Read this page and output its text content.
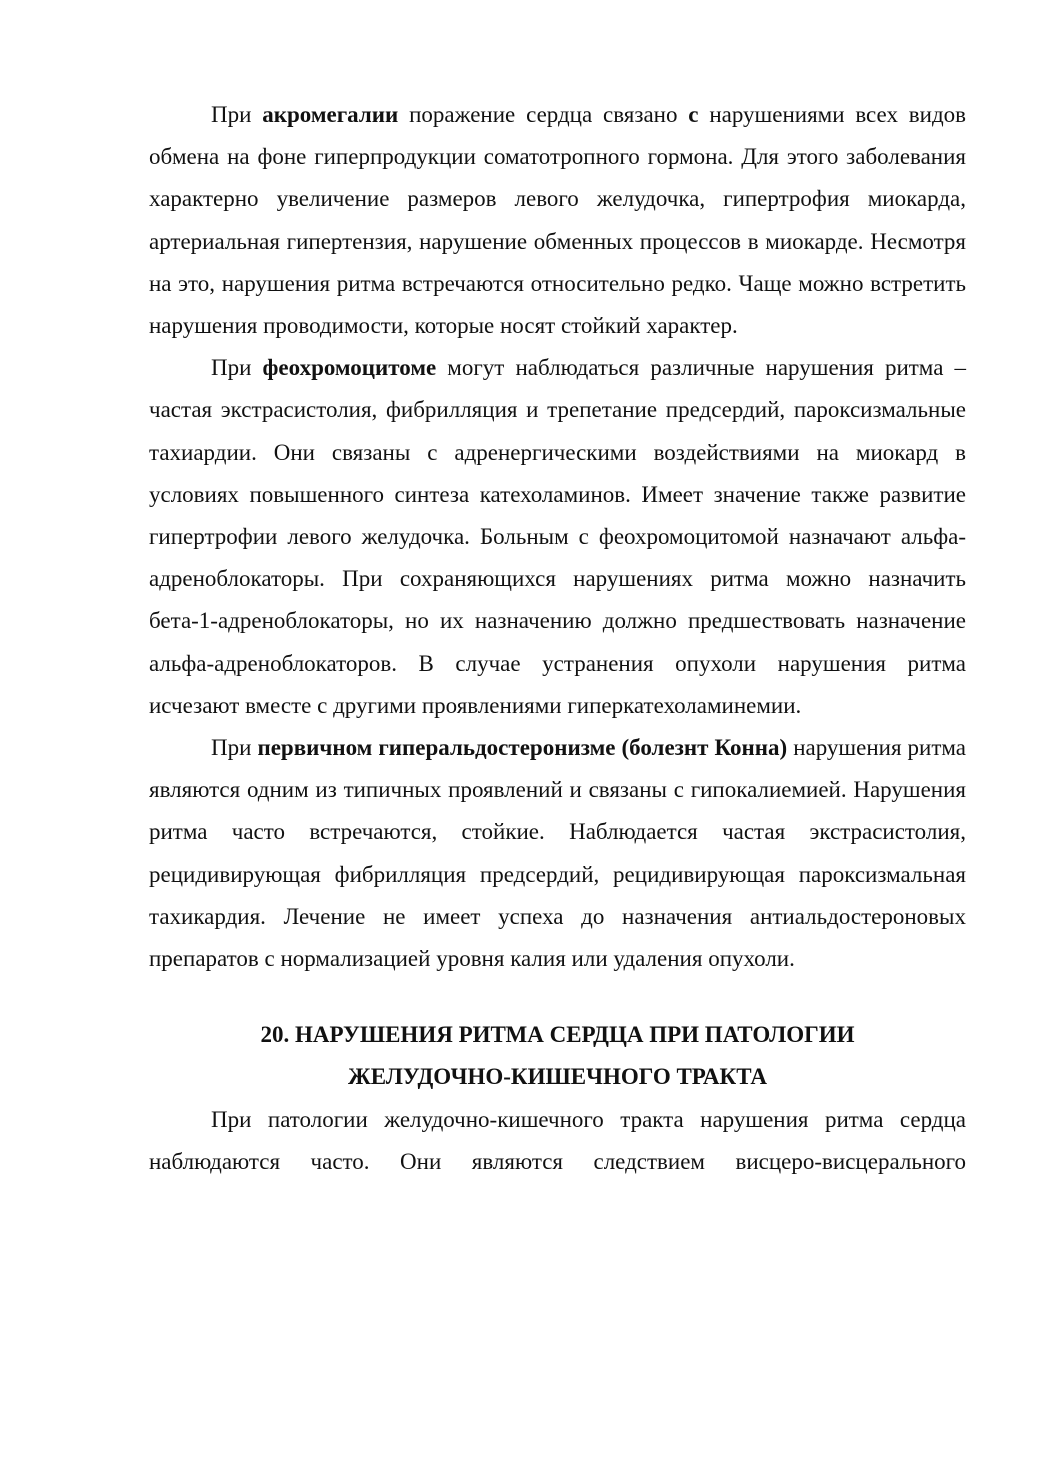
При акромегалии поражение сердца связано с нарушениями всех видов обмена на фоне гиперпродукции соматотропного гормона. Для этого заболевания характерно увеличение размеров левого желудочка, гипертрофия миокарда, артериальная гипертензия, нарушение обменных процессов в миокарде. Несмотря на это, нарушения ритма встречаются относительно редко. Чаще можно встретить нарушения проводимости, которые носят стойкий характер.

При феохромоцитоме могут наблюдаться различные нарушения ритма – частая экстрасистолия, фибрилляция и трепетание предсердий, пароксизмальные тахиардии. Они связаны с адренергическими воздействиями на миокард в условиях повышенного синтеза катехоламинов. Имеет значение также развитие гипертрофии левого желудочка. Больным с феохромоцитомой назначают альфа-адреноблокаторы. При сохраняющихся нарушениях ритма можно назначить бета-1-адреноблокаторы, но их назначению должно предшествовать назначение альфа-адреноблокаторов. В случае устранения опухоли нарушения ритма исчезают вместе с другими проявлениями гиперкатехоламинемии.

При первичном гиперальдостеронизме (болезнт Конна) нарушения ритма являются одним из типичных проявлений и связаны с гипокалиемией. Нарушения ритма часто встречаются, стойкие. Наблюдается частая экстрасистолия, рецидивирующая фибрилляция предсердий, рецидивирующая пароксизмальная тахикардия. Лечение не имеет успеха до назначения антиальдостероновых препаратов с нормализацией уровня калия или удаления опухоли.

20. НАРУШЕНИЯ РИТМА СЕРДЦА ПРИ ПАТОЛОГИИ
ЖЕЛУДОЧНО-КИШЕЧНОГО ТРАКТА

При патологии желудочно-кишечного тракта нарушения ритма сердца наблюдаются часто. Они являются следствием висцеро-висцерального
